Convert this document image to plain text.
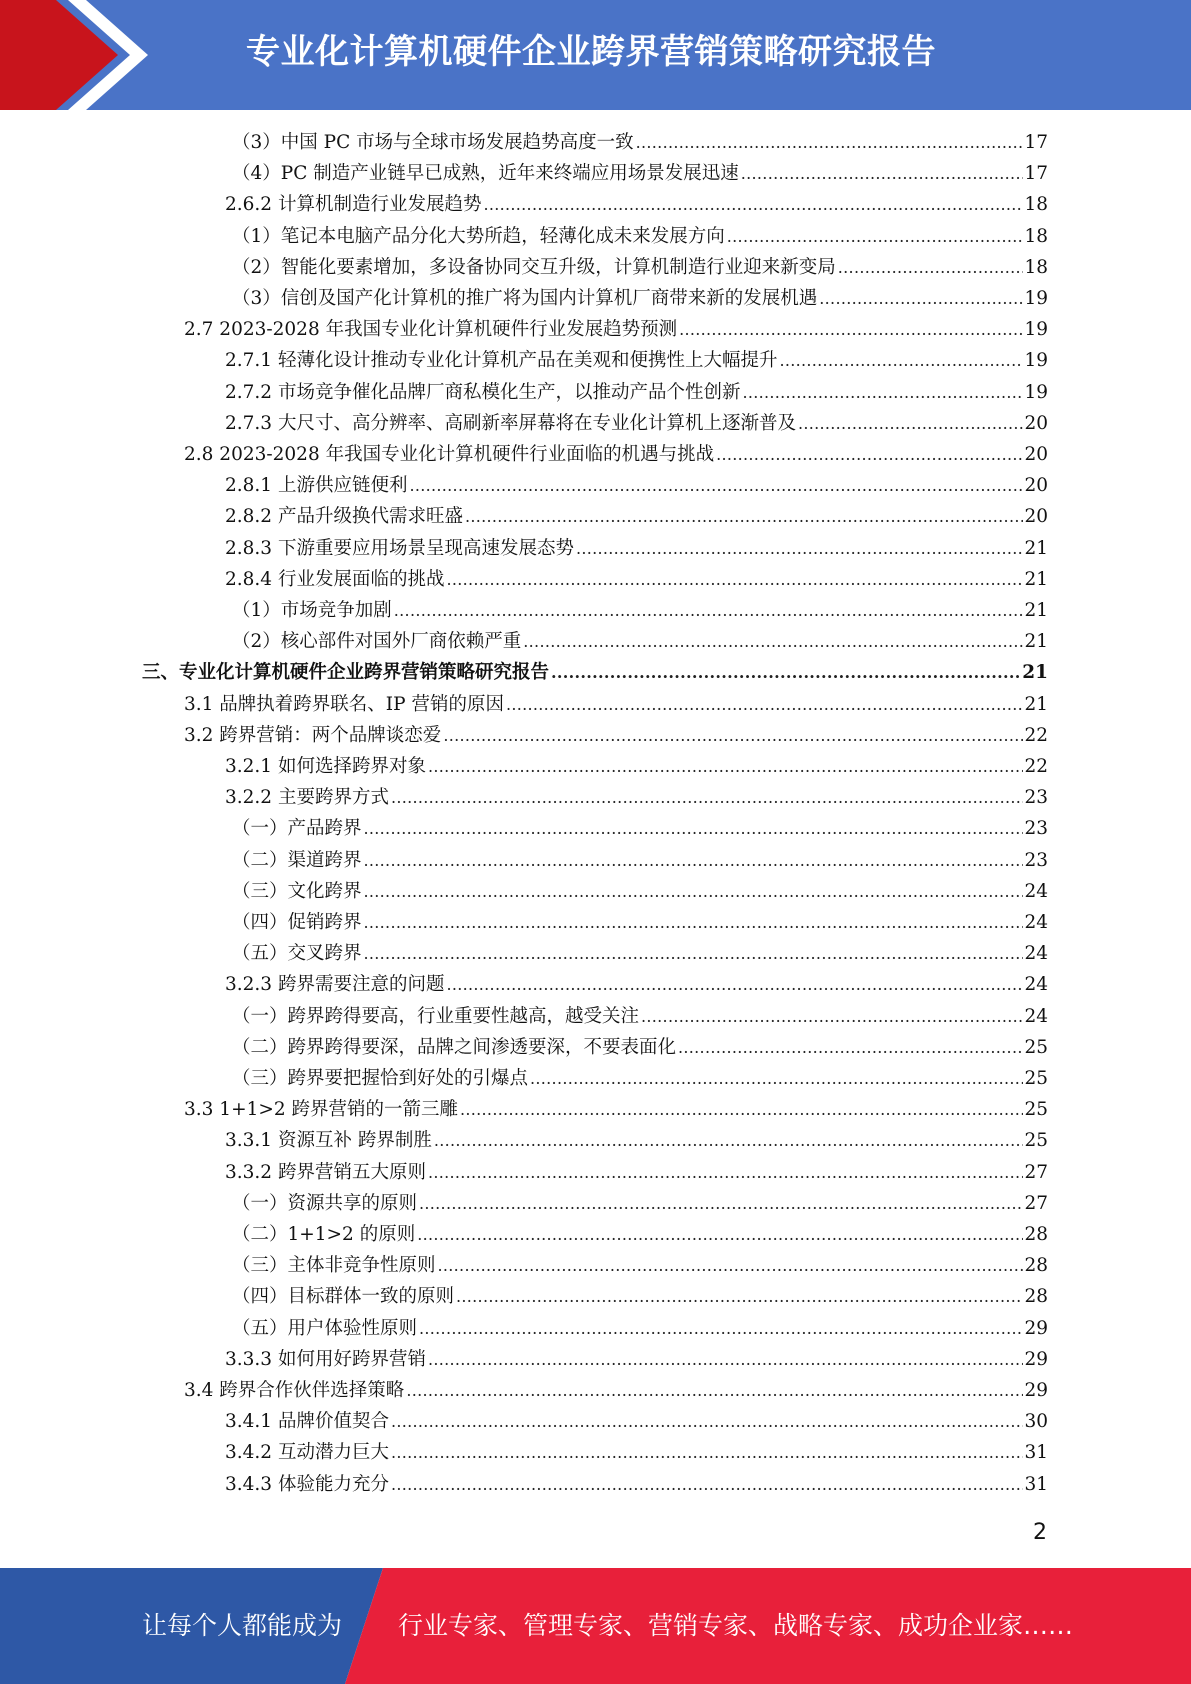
专业化计算机硬件企业跨界营销策略研究报告
（3）中国 PC 市场与全球市场发展趋势高度一致 .....	17
（4）PC 制造产业链早已成熟，近年来终端应用场景发展迅速 .....	17
2.6.2 计算机制造行业发展趋势 .....	18
（1）笔记本电脑产品分化大势所趋，轻薄化成未来发展方向 .....	18
（2）智能化要素增加，多设备协同交互升级，计算机制造行业迎来新变局 .....	18
（3）信创及国产化计算机的推广将为国内计算机厂商带来新的发展机遇 .....	19
2.7 2023-2028 年我国专业化计算机硬件行业发展趋势预测 .....	19
2.7.1 轻薄化设计推动专业化计算机产品在美观和便携性上大幅提升 .....	19
2.7.2 市场竞争催化品牌厂商私模化生产，以推动产品个性创新 .....	19
2.7.3 大尺寸、高分辨率、高刷新率屏幕将在专业化计算机上逐渐普及 .....	20
2.8 2023-2028 年我国专业化计算机硬件行业面临的机遇与挑战 .....	20
2.8.1 上游供应链便利 .....	20
2.8.2 产品升级换代需求旺盛 .....	20
2.8.3 下游重要应用场景呈现高速发展态势 .....	21
2.8.4 行业发展面临的挑战 .....	21
（1）市场竞争加剧 .....	21
（2）核心部件对国外厂商依赖严重 .....	21
三、专业化计算机硬件企业跨界营销策略研究报告 .....	21
3.1 品牌执着跨界联名、IP 营销的原因 .....	21
3.2 跨界营销：两个品牌谈恋爱 .....	22
3.2.1 如何选择跨界对象 .....	22
3.2.2 主要跨界方式 .....	23
（一）产品跨界 .....	23
（二）渠道跨界 .....	23
（三）文化跨界 .....	24
（四）促销跨界 .....	24
（五）交叉跨界 .....	24
3.2.3 跨界需要注意的问题 .....	24
（一）跨界跨得要高，行业重要性越高，越受关注 .....	24
（二）跨界跨得要深，品牌之间渗透要深，不要表面化 .....	25
（三）跨界要把握恰到好处的引爆点 .....	25
3.3 1+1>2 跨界营销的一箭三雕 .....	25
3.3.1 资源互补 跨界制胜 .....	25
3.3.2 跨界营销五大原则 .....	27
（一）资源共享的原则 .....	27
（二）1+1>2 的原则 .....	28
（三）主体非竞争性原则 .....	28
（四）目标群体一致的原则 .....	28
（五）用户体验性原则 .....	29
3.3.3 如何用好跨界营销 .....	29
3.4 跨界合作伙伴选择策略 .....	29
3.4.1 品牌价值契合 .....	30
3.4.2 互动潜力巨大 .....	31
3.4.3 体验能力充分 .....	31
2
让每个人都能成为 行业专家、管理专家、营销专家、战略专家、成功企业家……
